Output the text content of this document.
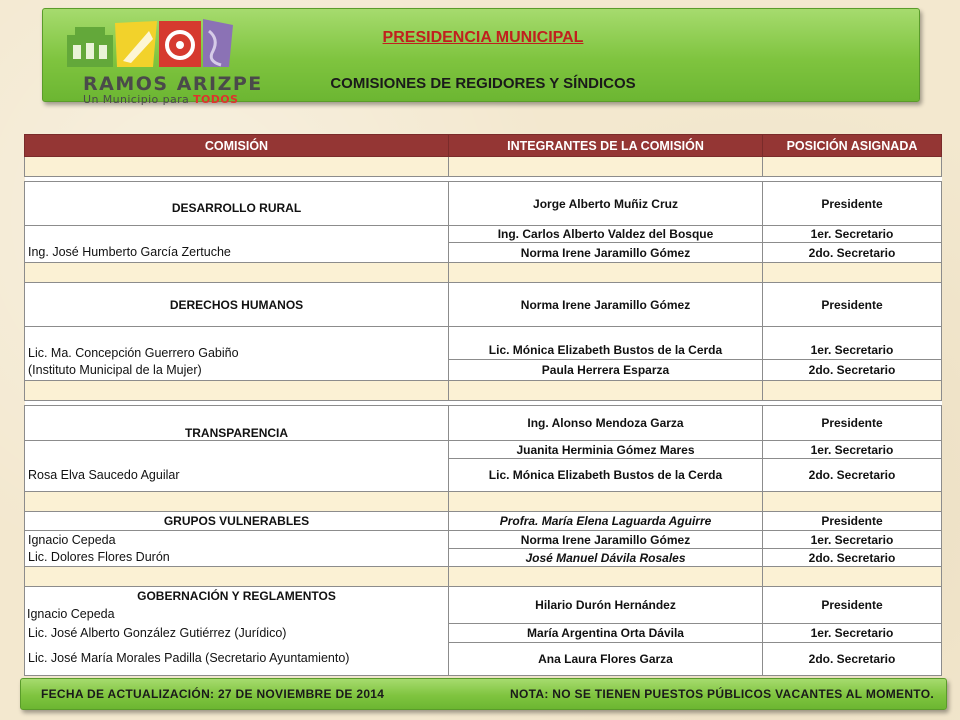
RAMOS ARIZPE
Un Municipio para TODOS
PRESIDENCIA MUNICIPAL
COMISIONES DE REGIDORES Y SÍNDICOS
COMISIÓN	INTEGRANTES DE LA COMISIÓN	POSICIÓN ASIGNADA

DESARROLLO RURAL	Jorge Alberto Muñiz Cruz	Presidente
	Ing. Carlos Alberto Valdez del Bosque	1er. Secretario
Ing. José Humberto García Zertuche	Norma Irene Jaramillo Gómez	2do. Secretario

DERECHOS HUMANOS	Norma Irene Jaramillo Gómez	Presidente
Lic. Ma. Concepción Guerrero Gabiño	Lic. Mónica Elizabeth Bustos de la Cerda	1er. Secretario
(Instituto Municipal de la Mujer)	Paula Herrera Esparza	2do. Secretario

TRANSPARENCIA	Ing. Alonso Mendoza Garza	Presidente
	Juanita Herminia Gómez Mares	1er. Secretario
Rosa Elva Saucedo Aguilar	Lic. Mónica Elizabeth Bustos de la Cerda	2do. Secretario

GRUPOS VULNERABLES	Profra. María Elena Laguarda Aguirre	Presidente
Ignacio Cepeda	Norma Irene Jaramillo Gómez	1er. Secretario
Lic. Dolores Flores Durón	José Manuel Dávila Rosales	2do. Secretario

GOBERNACIÓN Y REGLAMENTOS
Ignacio Cepeda	Hilario Durón Hernández	Presidente
Lic. José Alberto González Gutiérrez (Jurídico)	María Argentina Orta Dávila	1er. Secretario
Lic. José María Morales Padilla (Secretario Ayuntamiento)	Ana Laura Flores Garza	2do. Secretario
FECHA DE ACTUALIZACIÓN: 27 DE NOVIEMBRE DE 2014	NOTA: NO SE TIENEN PUESTOS PÚBLICOS VACANTES AL MOMENTO.
